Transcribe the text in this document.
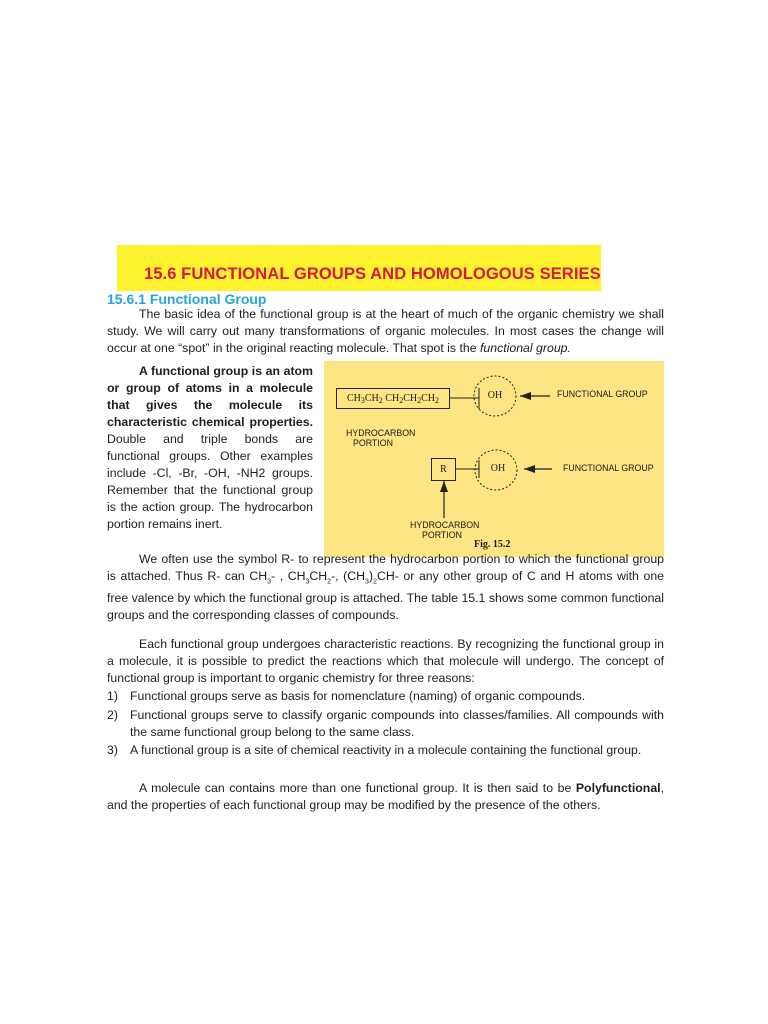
15.6 FUNCTIONAL GROUPS AND HOMOLOGOUS SERIES
15.6.1 Functional Group

The basic idea of the functional group is at the heart of much of the organic chemistry we shall study. We will carry out many transformations of organic molecules. In most cases the change will occur at one “spot” in the original reacting molecule. That spot is the functional group.

A functional group is an atom or group of atoms in a molecule that gives the molecule its characteristic chemical properties. Double and triple bonds are functional groups. Other examples include -Cl, -Br, -OH, -NH2 groups. Remember that the functional group is the action group. The hydrocarbon portion remains inert.

$CH_3CH_2$ $CH_2CH_2CH_2$	OH	FUNCTIONAL GROUP
HYDROCARBON
PORTION
R	OH	FUNCTIONAL GROUP
HYDROCARBON
PORTION
Fig. 15.2

We often use the symbol R- to represent the hydrocarbon portion to which the functional group is attached. Thus R- can $CH_3-$ , $CH_3CH_2-$, $(CH_3)_2CH-$ or any other group of C and H atoms with one free valence by which the functional group is attached. The table 15.1 shows some common functional groups and the corresponding classes of compounds.

Each functional group undergoes characteristic reactions. By recognizing the functional group in a molecule, it is possible to predict the reactions which that molecule will undergo. The concept of functional group is important to organic chemistry for three reasons:

1) Functional groups serve as basis for nomenclature (naming) of organic compounds.
2) Functional groups serve to classify organic compounds into classes/families. All compounds with the same functional group belong to the same class.
3) A functional group is a site of chemical reactivity in a molecule containing the functional group.

A molecule can contains more than one functional group. It is then said to be Polyfunctional, and the properties of each functional group may be modified by the presence of the others.
